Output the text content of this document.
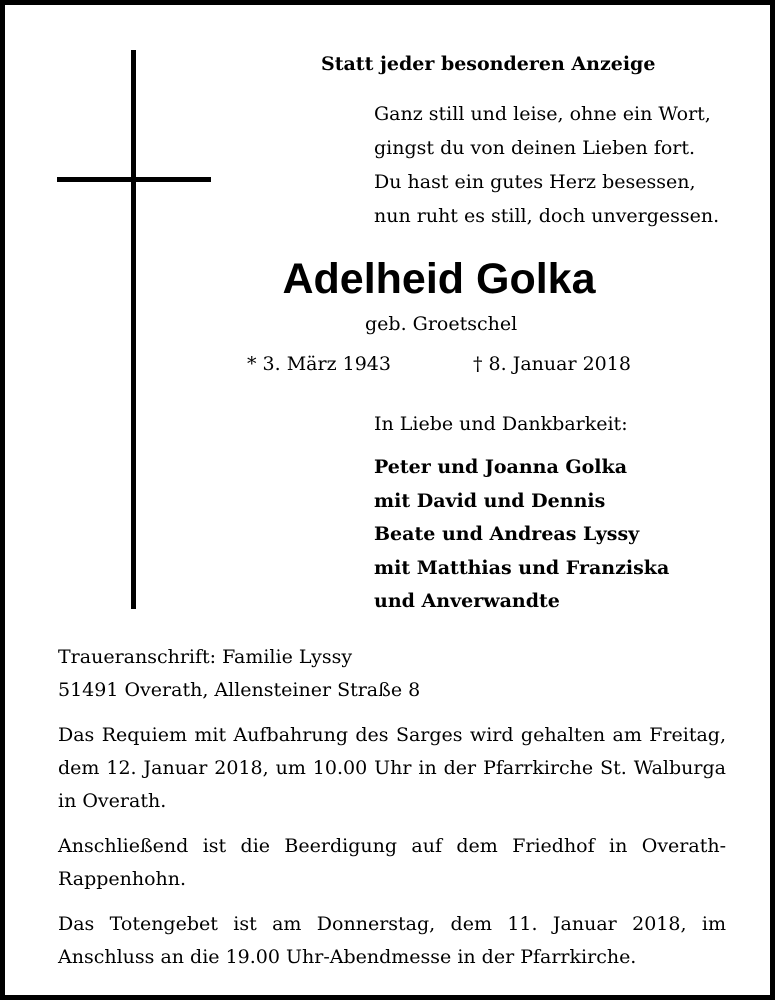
Statt jeder besonderen Anzeige
Ganz still und leise, ohne ein Wort,
gingst du von deinen Lieben fort.
Du hast ein gutes Herz besessen,
nun ruht es still, doch unvergessen.
Adelheid Golka
geb. Groetschel
* 3. März 1943	† 8. Januar 2018
In Liebe und Dankbarkeit:
Peter und Joanna Golka
mit David und Dennis
Beate und Andreas Lyssy
mit Matthias und Franziska
und Anverwandte

Traueranschrift: Familie Lyssy

51491 Overath, Allensteiner Straße 8

Das Requiem mit Aufbahrung des Sarges wird gehalten am Freitag, dem 12. Januar 2018, um 10.00 Uhr in der Pfarrkirche St. Walburga in Overath.

Anschließend ist die Beerdigung auf dem Friedhof in Overath-Rappenhohn.

Das Totengebet ist am Donnerstag, dem 11. Januar 2018, im Anschluss an die 19.00 Uhr-Abendmesse in der Pfarrkirche.
